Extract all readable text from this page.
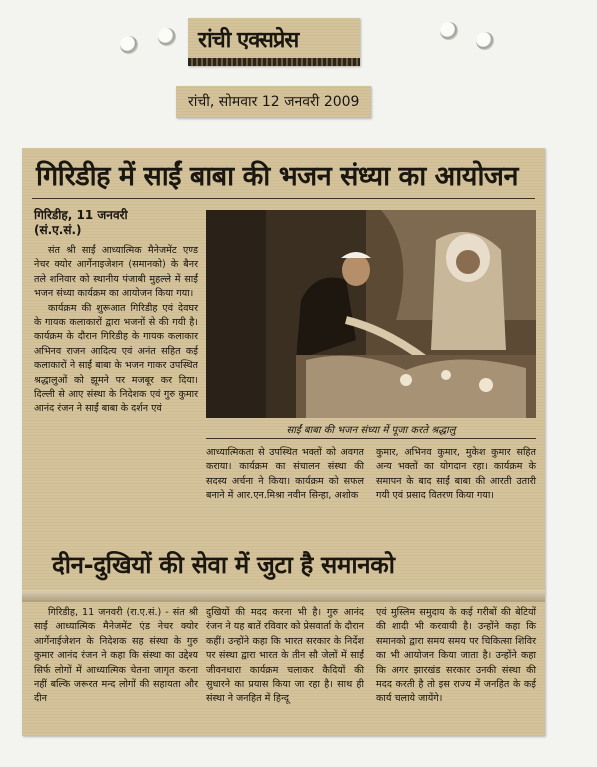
रांची एक्सप्रेस
रांची, सोमवार 12 जनवरी 2009
गिरिडीह में साईं बाबा की भजन संध्या का आयोजन
गिरिडीह, 11 जनवरी
(सं.ए.सं.)

संत श्री साईं आध्यात्मिक मैनेजमेंट एण्ड नेचर क्योर आर्गेनाइजेशन (समानको) के बैनर तले शनिवार को स्थानीय पंजाबी मुहल्ले में साईं भजन संध्या कार्यक्रम का आयोजन किया गया।

कार्यक्रम की शुरूआत गिरिडीह एवं देवघर के गायक कलाकारों द्वारा भजनों से की गयी है। कार्यक्रम के दौरान गिरिडीह के गायक कलाकार अभिनव राजन आदित्य एवं अनंत सहित कई कलाकारों ने साईं बाबा के भजन गाकर उपस्थित श्रद्धालुओं को झूमने पर मजबूर कर दिया। दिल्ली से आए संस्था के निदेशक एवं गुरु कुमार आनंद रंजन ने साईं बाबा के दर्शन एवं

साईं बाबा की भजन संध्या में पूजा करते श्रद्धालु

आध्यात्मिकता से उपस्थित भक्तों को अवगत कराया। कार्यक्रम का संचालन संस्था की सदस्य अर्चना ने किया। कार्यक्रम को सफल बनाने में आर.एन.मिश्रा नवीन सिन्हा, अशोक

कुमार, अभिनव कुमार, मुकेश कुमार सहित अन्य भक्तों का योगदान रहा। कार्यक्रम के समापन के बाद साईं बाबा की आरती उतारी गयी एवं प्रसाद वितरण किया गया।

दीन-दुखियों की सेवा में जुटा है समानको

गिरिडीह, 11 जनवरी (रा.ए.सं.) - संत श्री साईं आध्यात्मिक मैनेजमेंट एंड नेचर क्योर आर्गेनाईजेशन के निदेशक सह संस्था के गुरु कुमार आनंद रंजन ने कहा कि संस्था का उद्देश्य सिर्फ लोगों में आध्यात्मिक चेतना जागृत करना नहीं बल्कि जरूरत मन्द लोगों की सहायता और दीन

दुखियों की मदद करना भी है। गुरु आनंद रंजन ने यह बातें रविवार को प्रेसवार्ता के दौरान कहीं। उन्होंने कहा कि भारत सरकार के निर्देश पर संस्था द्वारा भारत के तीन सौ जेलों में साईं जीवनधारा कार्यक्रम चलाकर कैदियों की सुधारने का प्रयास किया जा रहा है। साथ ही संस्था ने जनहित में हिन्दू

एवं मुस्लिम समुदाय के कई गरीबों की बेटियों की शादी भी करवायी है। उन्होंने कहा कि समानको द्वारा समय समय पर चिकित्सा शिविर का भी आयोजन किया जाता है। उन्होंने कहा कि अगर झारखंड सरकार उनकी संस्था की मदद करती है तो इस राज्य में जनहित के कई कार्य चलाये जायेंगे।
